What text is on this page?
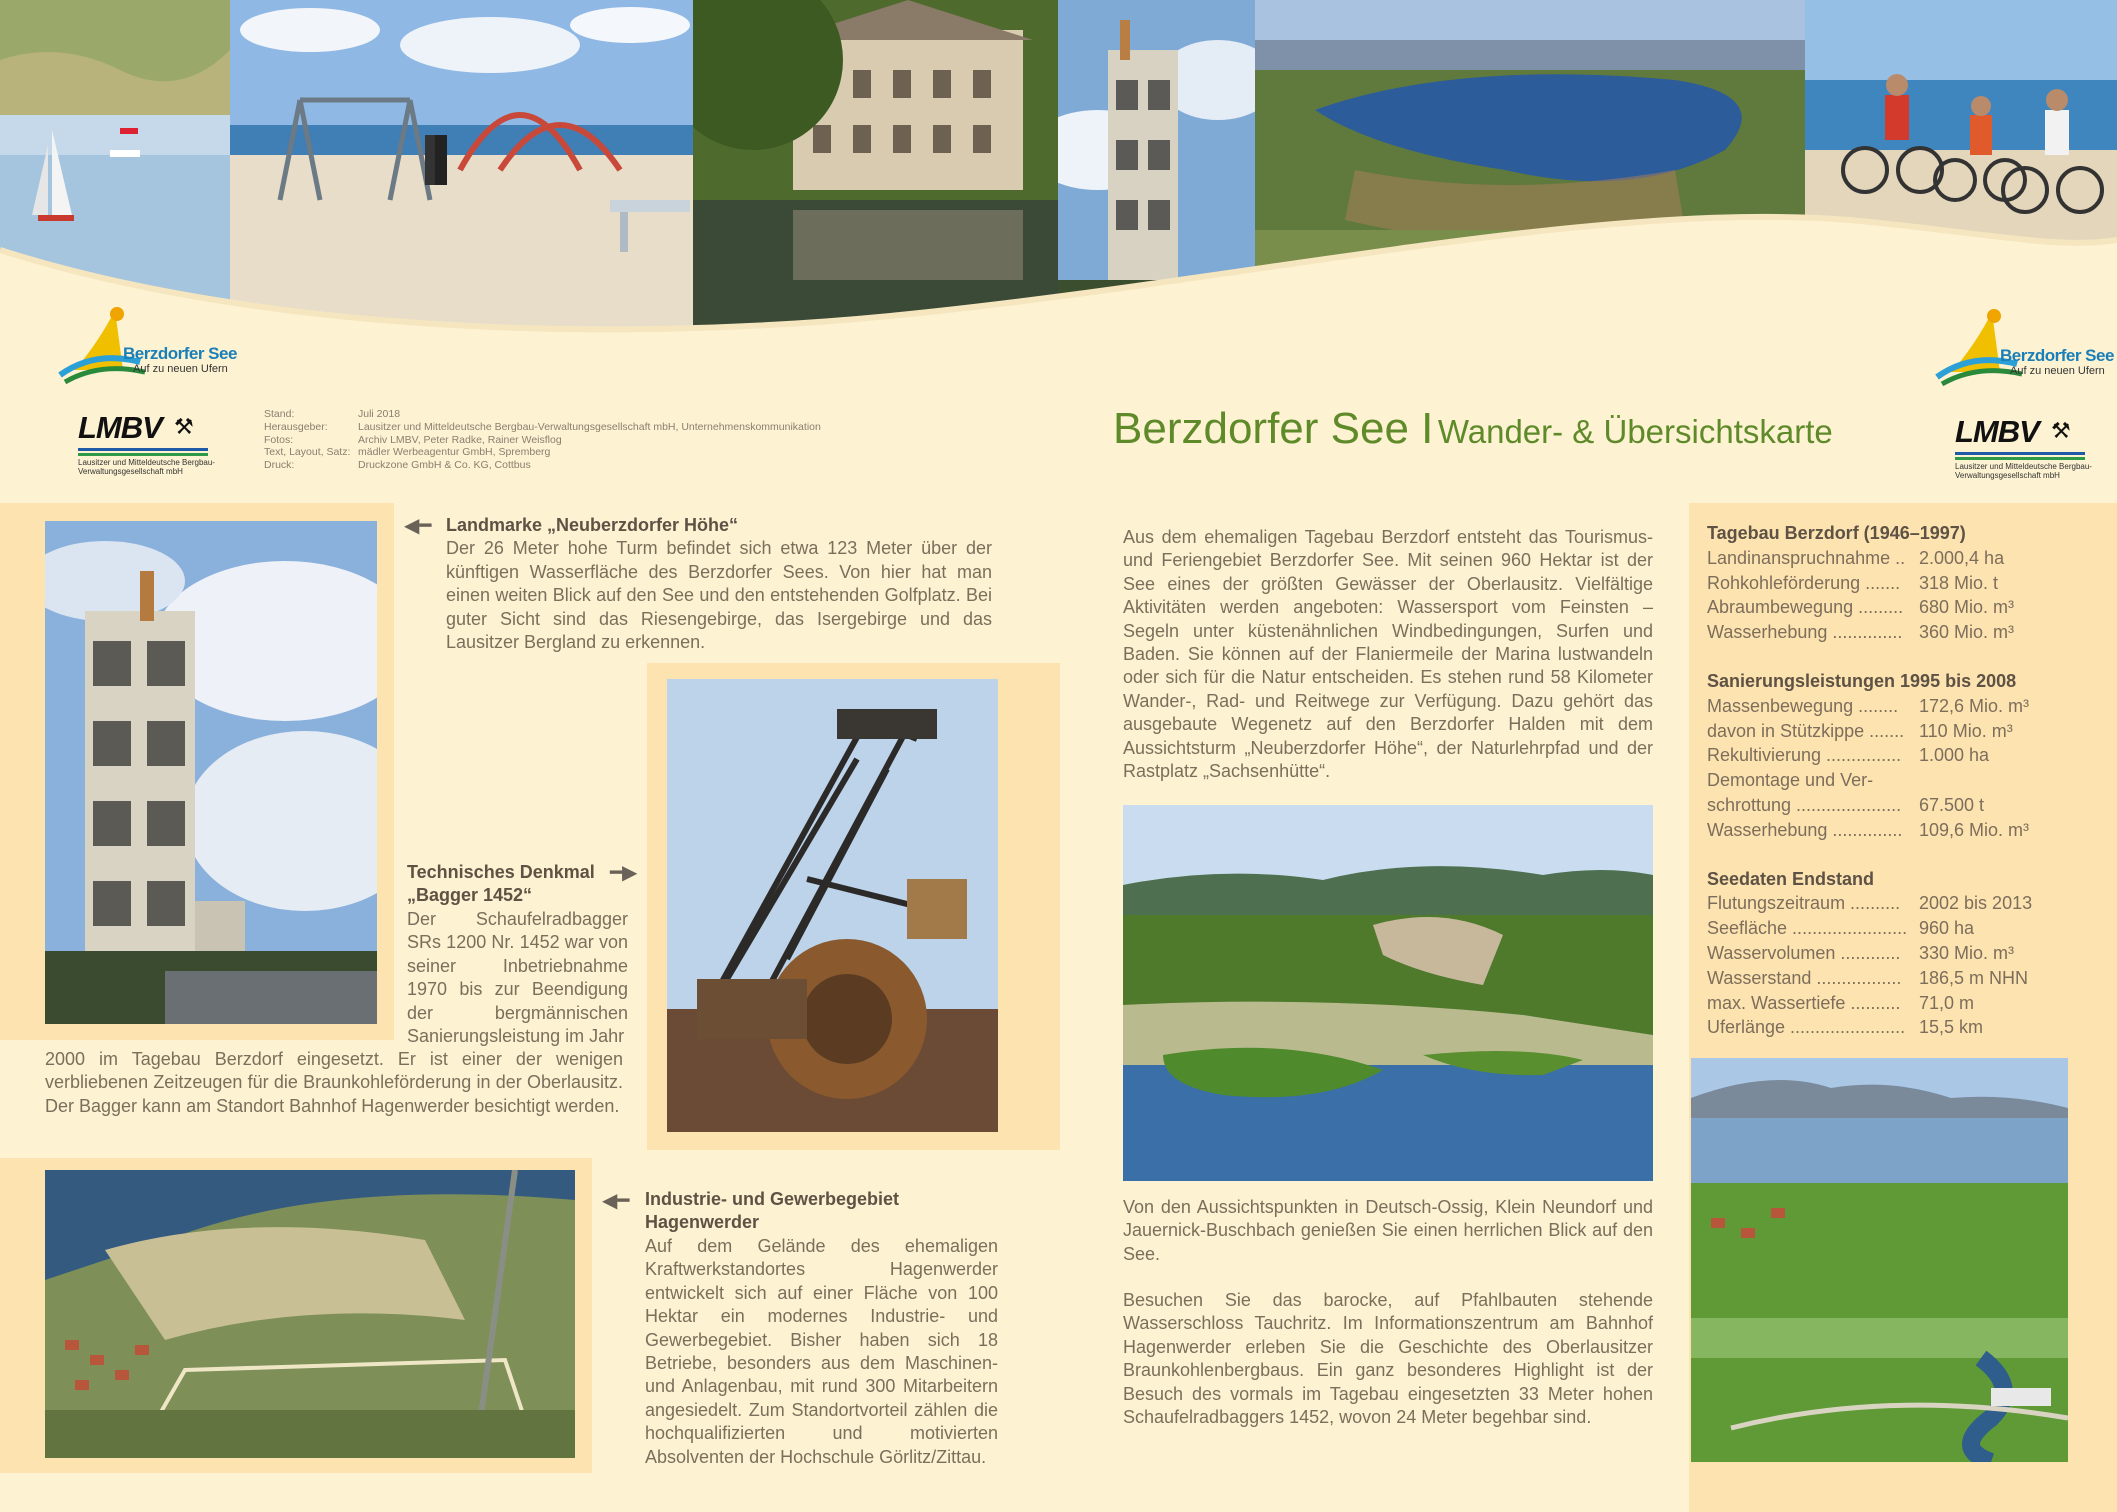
Berzdorfer See
Auf zu neuen Ufern
Berzdorfer See
Auf zu neuen Ufern
LMBV ⚒
Lausitzer und Mitteldeutsche Bergbau-Verwaltungsgesellschaft mbH
LMBV ⚒
Lausitzer und Mitteldeutsche Bergbau-Verwaltungsgesellschaft mbH
Stand:	Juli 2018
Herausgeber:	Lausitzer und Mitteldeutsche Bergbau-Verwaltungsgesellschaft mbH, Unternehmenskommunikation
Fotos:	Archiv LMBV, Peter Radke, Rainer Weisflog
Text, Layout, Satz: mädler Werbeagentur GmbH, Spremberg
Druck:	Druckzone GmbH & Co. KG, Cottbus
Berzdorfer See I Wander- & Übersichtskarte
◀━ Landmarke „Neuberzdorfer Höhe“
Der 26 Meter hohe Turm befindet sich etwa 123 Meter über der künftigen Wasserfläche des Berzdorfer Sees. Von hier hat man einen weiten Blick auf den See und den entstehenden Golfplatz. Bei guter Sicht sind das Riesengebirge, das Isergebirge und das Lausitzer Bergland zu erkennen.
Technisches Denkmal
„Bagger 1452“
━▶
Der Schaufelradbagger SRs 1200 Nr. 1452 war von seiner Inbetriebnahme 1970 bis zur Beendigung der bergmännischen Sanierungsleistung im Jahr
2000 im Tagebau Berzdorf eingesetzt. Er ist einer der wenigen verbliebenen Zeitzeugen für die Braunkohleförderung in der Oberlausitz. Der Bagger kann am Standort Bahnhof Hagenwerder besichtigt werden.
◀━ Industrie- und Gewerbegebiet
Hagenwerder
Auf dem Gelände des ehemaligen Kraftwerkstandortes Hagenwerder entwickelt sich auf einer Fläche von 100 Hektar ein modernes Industrie- und Gewerbegebiet. Bisher haben sich 18 Betriebe, besonders aus dem Maschinen- und Anlagenbau, mit rund 300 Mitarbeitern angesiedelt. Zum Standortvorteil zählen die hochqualifizierten und motivierten Absolventen der Hochschule Görlitz/Zittau.
Aus dem ehemaligen Tagebau Berzdorf entsteht das Tourismus- und Feriengebiet Berzdorfer See. Mit seinen 960 Hektar ist der See eines der größten Gewässer der Oberlausitz. Vielfältige Aktivitäten werden angeboten: Wassersport vom Feinsten – Segeln unter küstenähnlichen Windbedingungen, Surfen und Baden. Sie können auf der Flaniermeile der Marina lustwandeln oder sich für die Natur entscheiden. Es stehen rund 58 Kilometer Wander-, Rad- und Reitwege zur Verfügung. Dazu gehört das ausgebaute Wegenetz auf den Berzdorfer Halden mit dem Aussichtsturm „Neuberzdorfer Höhe“, der Naturlehrpfad und der Rastplatz „Sachsenhütte“.
Von den Aussichtspunkten in Deutsch-Ossig, Klein Neundorf und Jauernick-Buschbach genießen Sie einen herrlichen Blick auf den See.
Besuchen Sie das barocke, auf Pfahlbauten stehende Wasserschloss Tauchritz. Im Informationszentrum am Bahnhof Hagenwerder erleben Sie die Geschichte des Oberlausitzer Braunkohlenbergbaus. Ein ganz besonderes Highlight ist der Besuch des vormals im Tagebau eingesetzten 33 Meter hohen Schaufelradbaggers 1452, wovon 24 Meter begehbar sind.
Tagebau Berzdorf (1946–1997)
Landinanspruchnahme .. 2.000,4 ha
Rohkohleförderung .......	318 Mio. t
Abraumbewegung ......... 680 Mio. m³
Wasserhebung .............. 360 Mio. m³
Sanierungsleistungen 1995 bis 2008
Massenbewegung ........	172,6 Mio. m³
davon in Stützkippe ....... 110 Mio. m³
Rekultivierung ............... 1.000 ha
Demontage und Ver-
schrottung ..................... 67.500 t
Wasserhebung .............. 109,6 Mio. m³
Seedaten Endstand
Flutungszeitraum ..........	2002 bis 2013
Seefläche ....................... 960 ha
Wasservolumen ............	330 Mio. m³
Wasserstand ................. 186,5 m NHN
max. Wassertiefe ..........	71,0 m
Uferlänge ....................... 15,5 km
